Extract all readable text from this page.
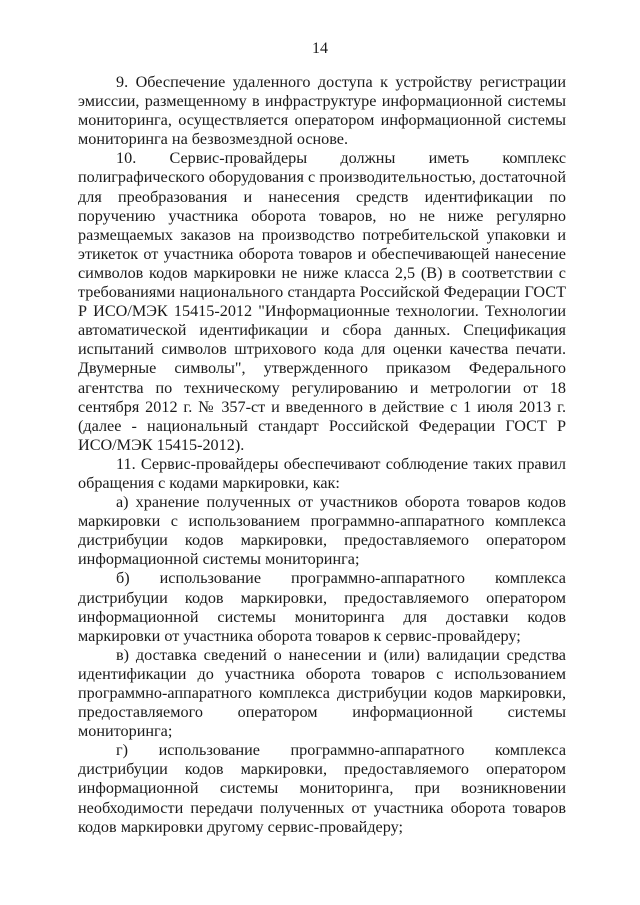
14

9. Обеспечение удаленного доступа к устройству регистрации эмиссии, размещенному в инфраструктуре информационной системы мониторинга, осуществляется оператором информационной системы мониторинга на безвозмездной основе.

10. Сервис-провайдеры должны иметь комплекс полиграфического оборудования с производительностью, достаточной для преобразования и нанесения средств идентификации по поручению участника оборота товаров, но не ниже регулярно размещаемых заказов на производство потребительской упаковки и этикеток от участника оборота товаров и обеспечивающей нанесение символов кодов маркировки не ниже класса 2,5 (B) в соответствии с требованиями национального стандарта Российской Федерации ГОСТ Р ИСО/МЭК 15415-2012 "Информационные технологии. Технологии автоматической идентификации и сбора данных. Спецификация испытаний символов штрихового кода для оценки качества печати. Двумерные символы", утвержденного приказом Федерального агентства по техническому регулированию и метрологии от 18 сентября 2012 г. № 357-ст и введенного в действие с 1 июля 2013 г. (далее - национальный стандарт Российской Федерации ГОСТ Р ИСО/МЭК 15415-2012).

11. Сервис-провайдеры обеспечивают соблюдение таких правил обращения с кодами маркировки, как:

а) хранение полученных от участников оборота товаров кодов маркировки с использованием программно-аппаратного комплекса дистрибуции кодов маркировки, предоставляемого оператором информационной системы мониторинга;

б) использование программно-аппаратного комплекса дистрибуции кодов маркировки, предоставляемого оператором информационной системы мониторинга для доставки кодов маркировки от участника оборота товаров к сервис-провайдеру;

в) доставка сведений о нанесении и (или) валидации средства идентификации до участника оборота товаров с использованием программно-аппаратного комплекса дистрибуции кодов маркировки, предоставляемого оператором информационной системы мониторинга;

г) использование программно-аппаратного комплекса дистрибуции кодов маркировки, предоставляемого оператором информационной системы мониторинга, при возникновении необходимости передачи полученных от участника оборота товаров кодов маркировки другому сервис-провайдеру;
